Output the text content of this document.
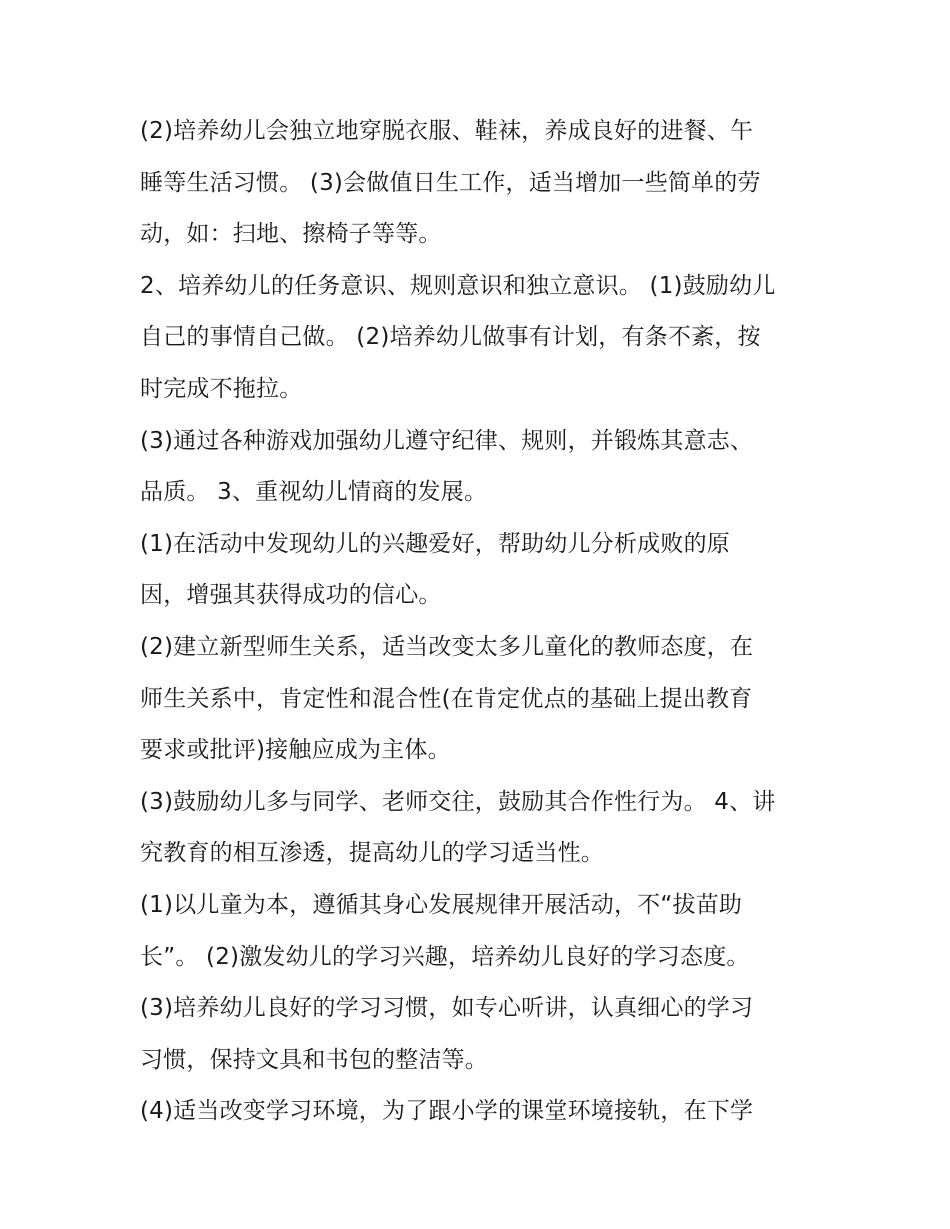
(2)培养幼儿会独立地穿脱衣服、鞋袜，养成良好的进餐、午
睡等生活习惯。 (3)会做值日生工作，适当增加一些简单的劳
动，如：扫地、擦椅子等等。
2、培养幼儿的任务意识、规则意识和独立意识。 (1)鼓励幼儿
自己的事情自己做。 (2)培养幼儿做事有计划，有条不紊，按
时完成不拖拉。
(3)通过各种游戏加强幼儿遵守纪律、规则，并锻炼其意志、
品质。 3、重视幼儿情商的发展。
(1)在活动中发现幼儿的兴趣爱好，帮助幼儿分析成败的原
因，增强其获得成功的信心。
(2)建立新型师生关系，适当改变太多儿童化的教师态度，在
师生关系中，肯定性和混合性(在肯定优点的基础上提出教育
要求或批评)接触应成为主体。
(3)鼓励幼儿多与同学、老师交往，鼓励其合作性行为。 4、讲
究教育的相互渗透，提高幼儿的学习适当性。
(1)以儿童为本，遵循其身心发展规律开展活动，不“拔苗助
长”。 (2)激发幼儿的学习兴趣，培养幼儿良好的学习态度。
(3)培养幼儿良好的学习习惯，如专心听讲，认真细心的学习
习惯，保持文具和书包的整洁等。
(4)适当改变学习环境，为了跟小学的课堂环境接轨，在下学
